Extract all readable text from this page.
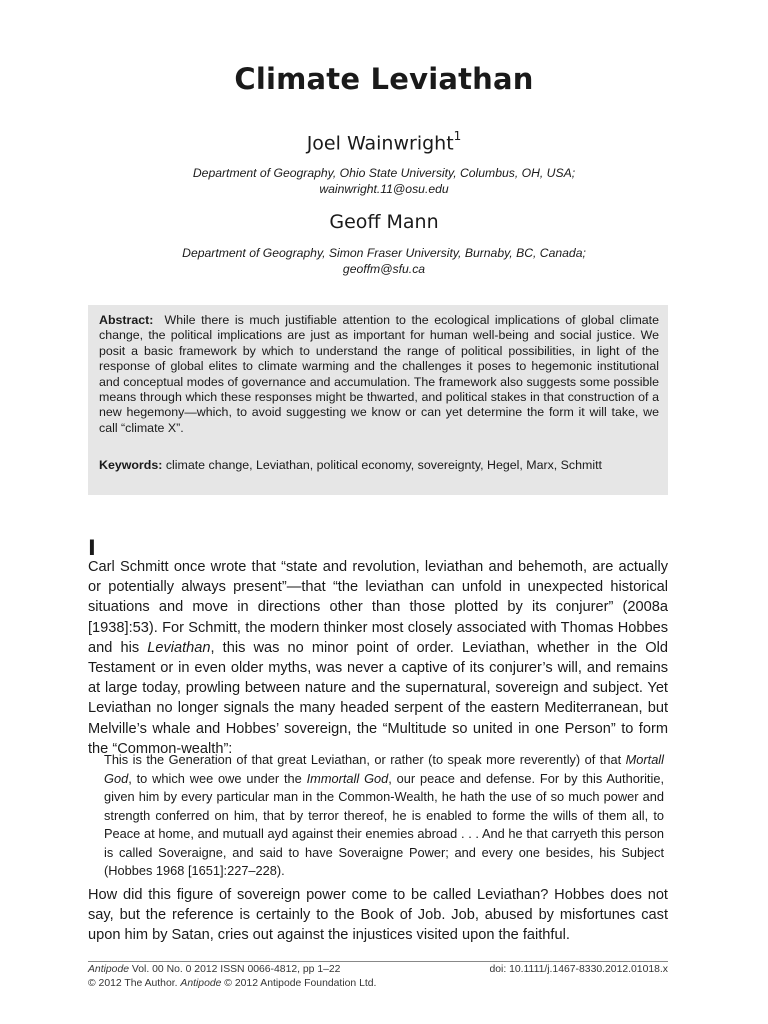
Climate Leviathan
Joel Wainwright$^1$
Department of Geography, Ohio State University, Columbus, OH, USA;
wainwright.11@osu.edu
Geoff Mann
Department of Geography, Simon Fraser University, Burnaby, BC, Canada;
geoffm@sfu.ca
Abstract: While there is much justifiable attention to the ecological implications of global climate change, the political implications are just as important for human well-being and social justice. We posit a basic framework by which to understand the range of political possibilities, in light of the response of global elites to climate warming and the challenges it poses to hegemonic institutional and conceptual modes of governance and accumulation. The framework also suggests some possible means through which these responses might be thwarted, and political stakes in that construction of a new hegemony—which, to avoid suggesting we know or can yet determine the form it will take, we call “climate X”.
Keywords: climate change, Leviathan, political economy, sovereignty, Hegel, Marx, Schmitt
I
Carl Schmitt once wrote that “state and revolution, leviathan and behemoth, are actually or potentially always present”—that “the leviathan can unfold in unexpected historical situations and move in directions other than those plotted by its conjurer” (2008a [1938]:53). For Schmitt, the modern thinker most closely associated with Thomas Hobbes and his Leviathan, this was no minor point of order. Leviathan, whether in the Old Testament or in even older myths, was never a captive of its conjurer’s will, and remains at large today, prowling between nature and the supernatural, sovereign and subject. Yet Leviathan no longer signals the many headed serpent of the eastern Mediterranean, but Melville’s whale and Hobbes’ sovereign, the “Multitude so united in one Person” to form the “Common-wealth”:
This is the Generation of that great Leviathan, or rather (to speak more reverently) of that Mortall God, to which wee owe under the Immortall God, our peace and defense. For by this Authoritie, given him by every particular man in the Common-Wealth, he hath the use of so much power and strength conferred on him, that by terror thereof, he is enabled to forme the wills of them all, to Peace at home, and mutuall ayd against their enemies abroad . . . And he that carryeth this person is called Soveraigne, and said to have Soveraigne Power; and every one besides, his Subject (Hobbes 1968 [1651]:227–228).
How did this figure of sovereign power come to be called Leviathan? Hobbes does not say, but the reference is certainly to the Book of Job. Job, abused by misfortunes cast upon him by Satan, cries out against the injustices visited upon the faithful.
Antipode Vol. 00 No. 0 2012 ISSN 0066-4812, pp 1–22
© 2012 The Author. Antipode © 2012 Antipode Foundation Ltd.
doi: 10.1111/j.1467-8330.2012.01018.x
